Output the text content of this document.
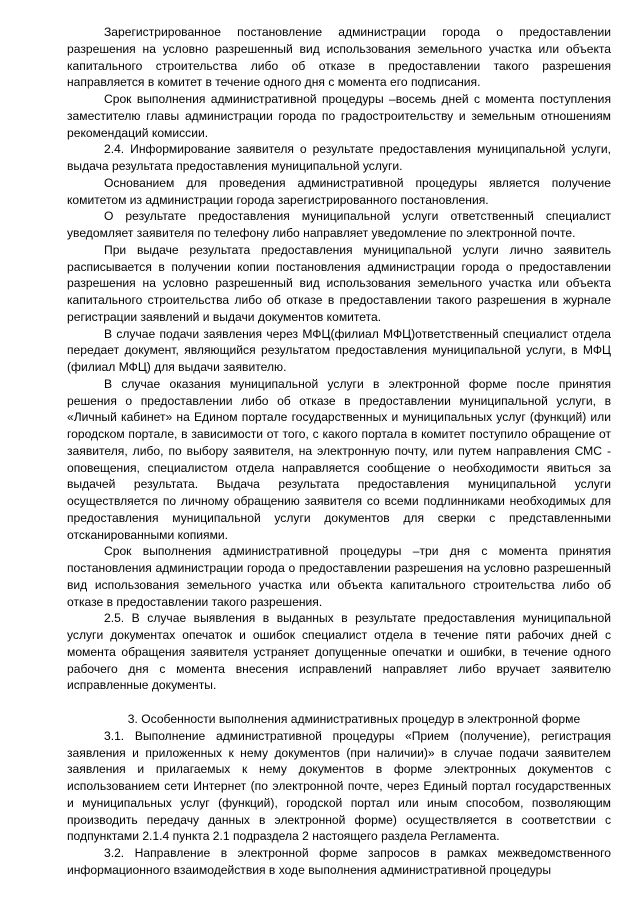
Зарегистрированное постановление администрации города о предоставлении разрешения на условно разрешенный вид использования земельного участка или объекта капитального строительства либо об отказе в предоставлении такого разрешения направляется в комитет в течение одного дня с момента его подписания.

Срок выполнения административной процедуры –восемь дней с момента поступления заместителю главы администрации города по градостроительству и земельным отношениям рекомендаций комиссии.

2.4. Информирование заявителя о результате предоставления муниципальной услуги, выдача результата предоставления муниципальной услуги.

Основанием для проведения административной процедуры является получение комитетом из администрации города зарегистрированного постановления.

О результате предоставления муниципальной услуги ответственный специалист уведомляет заявителя по телефону либо направляет уведомление по электронной почте.

При выдаче результата предоставления муниципальной услуги лично заявитель расписывается в получении копии постановления администрации города о предоставлении разрешения на условно разрешенный вид использования земельного участка или объекта капитального строительства либо об отказе в предоставлении такого разрешения в журнале регистрации заявлений и выдачи документов комитета.

В случае подачи заявления через МФЦ(филиал МФЦ)ответственный специалист отдела передает документ, являющийся результатом предоставления муниципальной услуги, в МФЦ (филиал МФЦ) для выдачи заявителю.

В случае оказания муниципальной услуги в электронной форме после принятия решения о предоставлении либо об отказе в предоставлении муниципальной услуги, в «Личный кабинет» на Едином портале государственных и муниципальных услуг (функций) или городском портале, в зависимости от того, с какого портала в комитет поступило обращение от заявителя, либо, по выбору заявителя, на электронную почту, или путем направления СМС - оповещения, специалистом отдела направляется сообщение о необходимости явиться за выдачей результата. Выдача результата предоставления муниципальной услуги осуществляется по личному обращению заявителя со всеми подлинниками необходимых для предоставления муниципальной услуги документов для сверки с представленными отсканированными копиями.

Срок выполнения административной процедуры –три дня с момента принятия постановления администрации города о предоставлении разрешения на условно разрешенный вид использования земельного участка или объекта капитального строительства либо об отказе в предоставлении такого разрешения.

2.5. В случае выявления в выданных в результате предоставления муниципальной услуги документах опечаток и ошибок специалист отдела в течение пяти рабочих дней с момента обращения заявителя устраняет допущенные опечатки и ошибки, в течение одного рабочего дня с момента внесения исправлений направляет либо вручает заявителю исправленные документы.

3. Особенности выполнения административных процедур в электронной форме

3.1. Выполнение административной процедуры «Прием (получение), регистрация заявления и приложенных к нему документов (при наличии)» в случае подачи заявителем заявления и прилагаемых к нему документов в форме электронных документов с использованием сети Интернет (по электронной почте, через Единый портал государственных и муниципальных услуг (функций), городской портал или иным способом, позволяющим производить передачу данных в электронной форме) осуществляется в соответствии с подпунктами 2.1.4 пункта 2.1 подраздела 2 настоящего раздела Регламента.

3.2. Направление в электронной форме запросов в рамках межведомственного информационного взаимодействия в ходе выполнения административной процедуры
